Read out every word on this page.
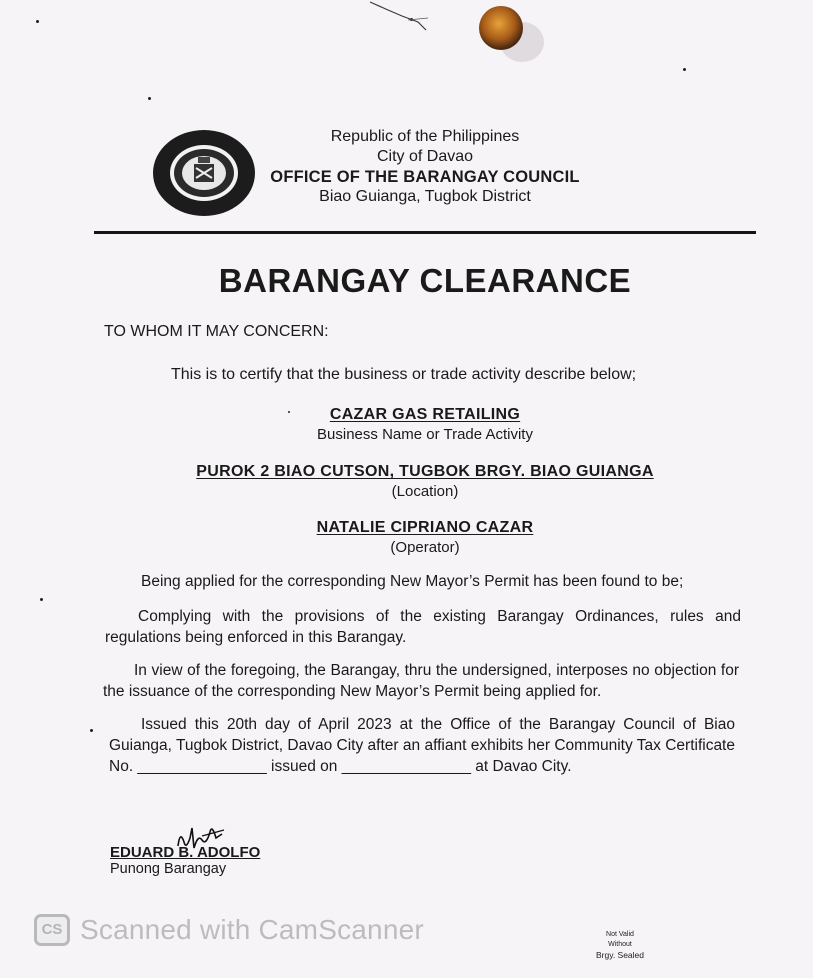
Republic of the Philippines
City of Davao
OFFICE OF THE BARANGAY COUNCIL
Biao Guianga, Tugbok District
BARANGAY CLEARANCE
TO WHOM IT MAY CONCERN:
This is to certify that the business or trade activity describe below;
CAZAR GAS RETAILING
Business Name or Trade Activity
PUROK 2 BIAO CUTSON, TUGBOK BRGY. BIAO GUIANGA
(Location)
NATALIE CIPRIANO CAZAR
(Operator)
Being applied for the corresponding New Mayor’s Permit has been found to be;
Complying with the provisions of the existing Barangay Ordinances, rules and regulations being enforced in this Barangay.
In view of the foregoing, the Barangay, thru the undersigned, interposes no objection for the issuance of the corresponding New Mayor’s Permit being applied for.
Issued this 20th day of April 2023 at the Office of the Barangay Council of Biao Guianga, Tugbok District, Davao City after an affiant exhibits her Community Tax Certificate No. _______________ issued on _______________ at Davao City.
EDUARD B. ADOLFO
Punong Barangay
CS Scanned with CamScanner	Not Valid
Without
Brgy. Sealed
